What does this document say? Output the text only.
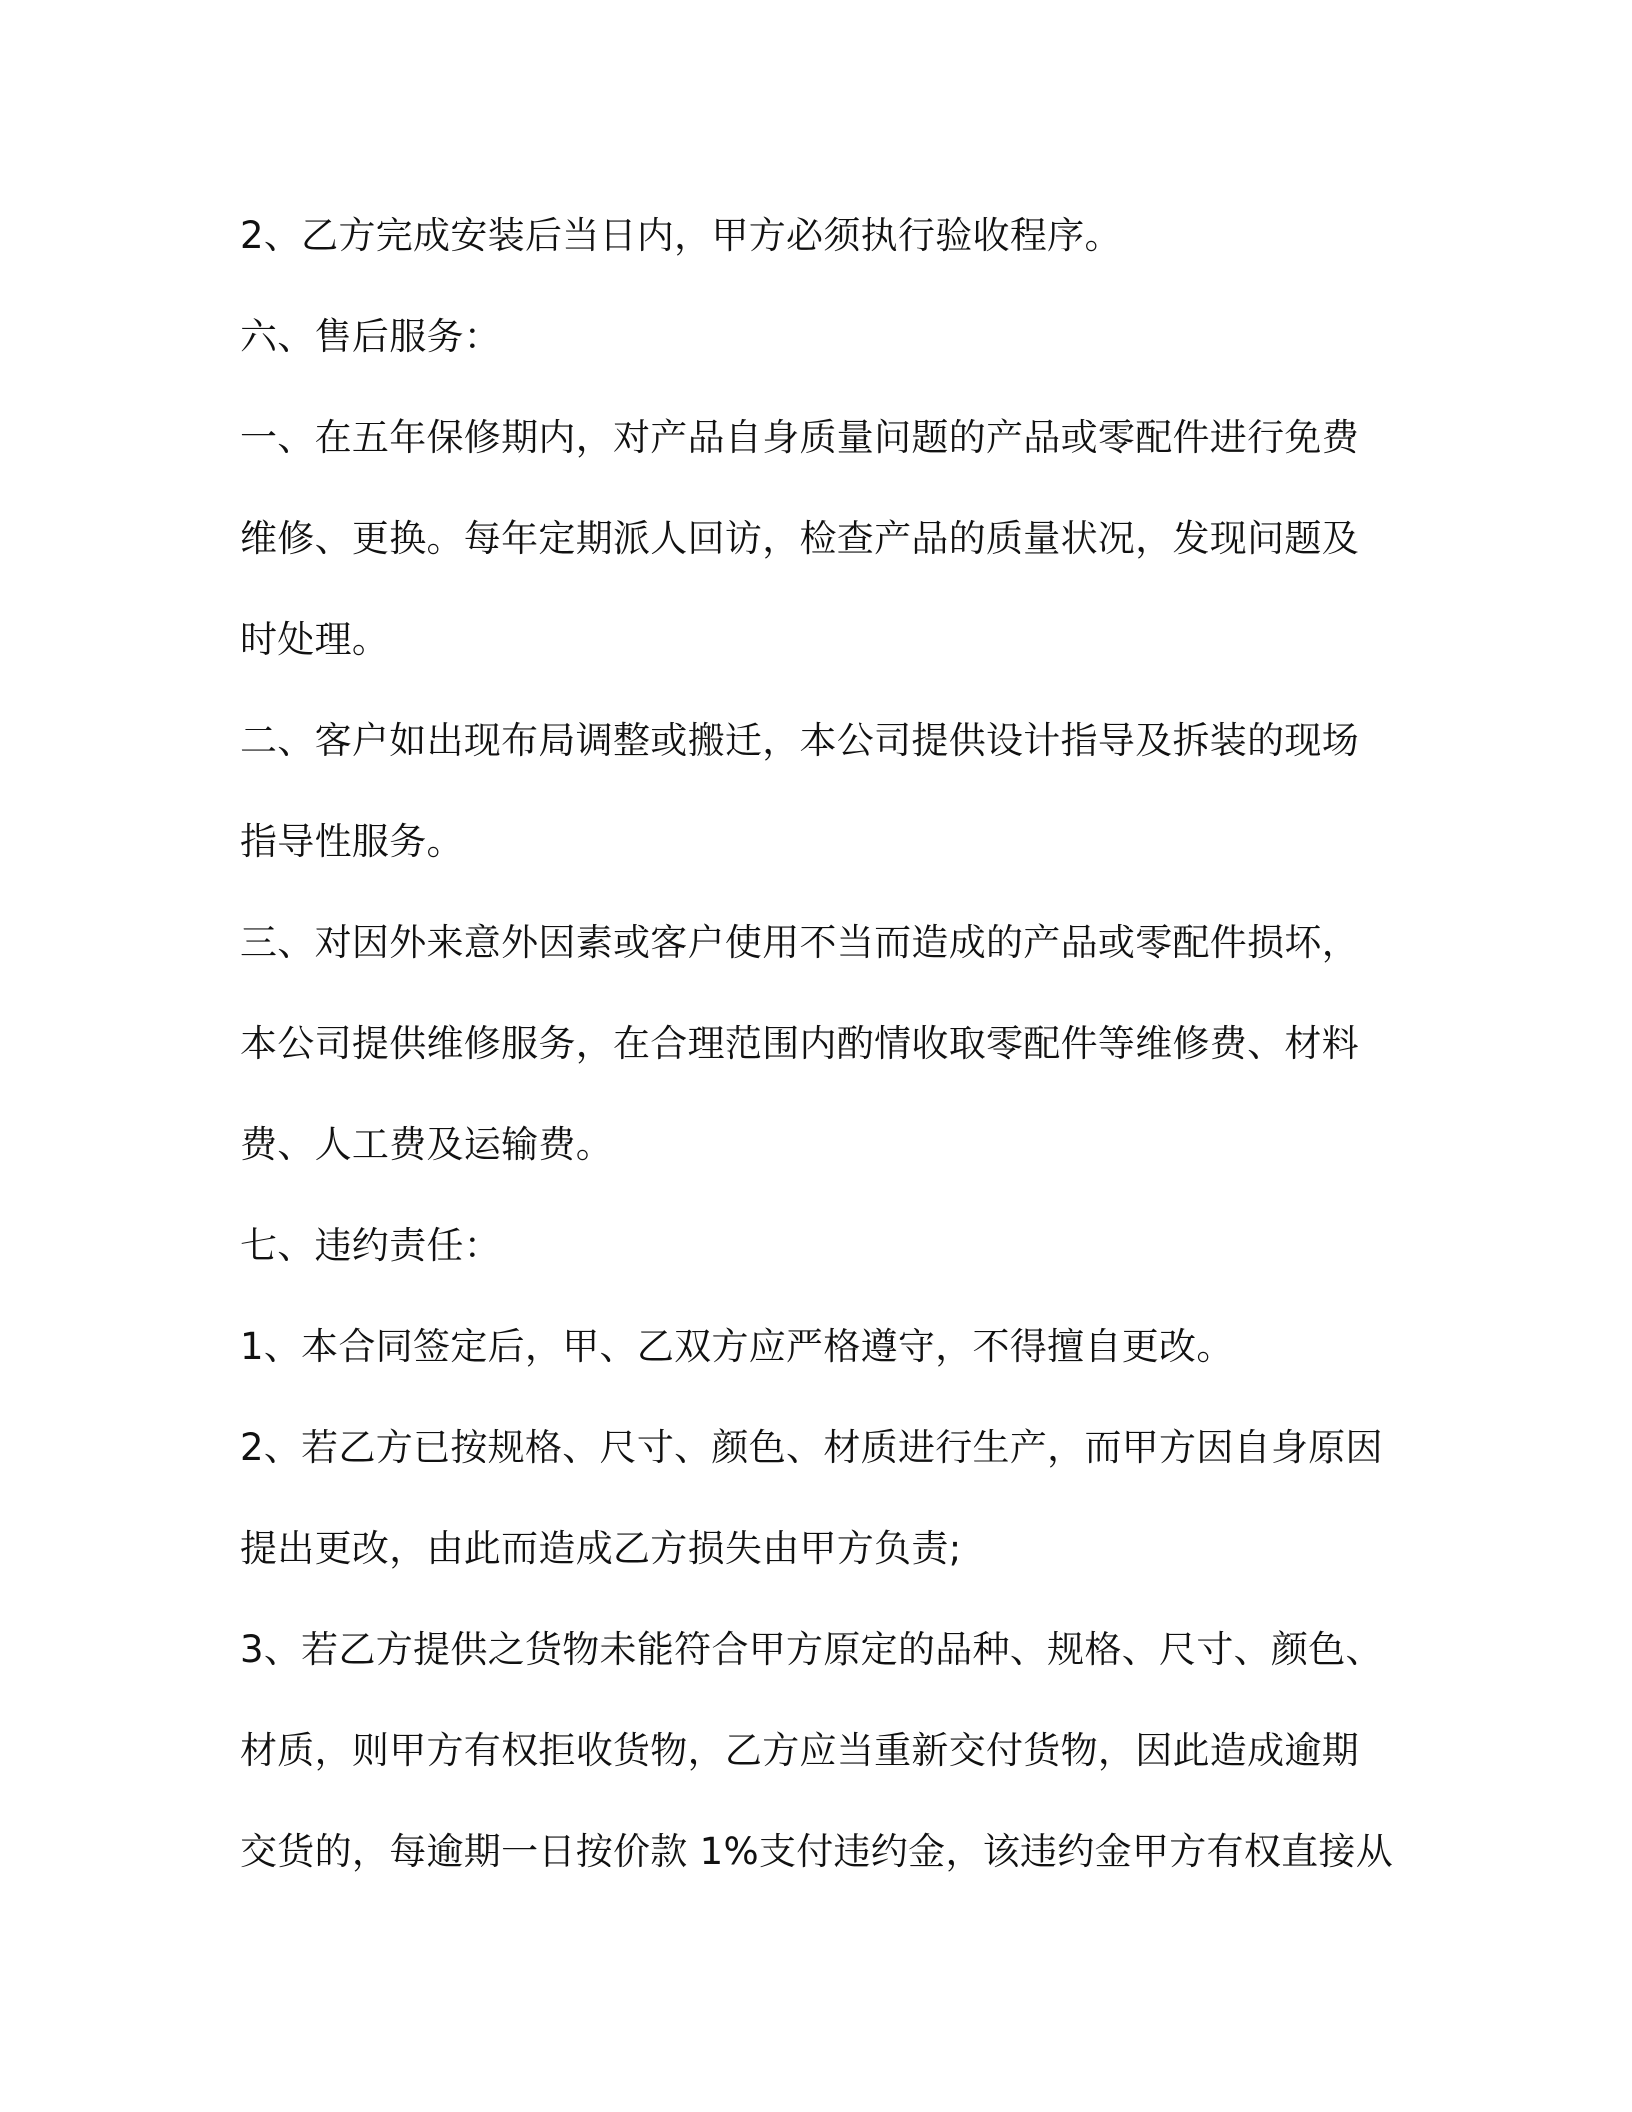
2、乙方完成安装后当日内，甲方必须执行验收程序。

六、售后服务：

一、在五年保修期内，对产品自身质量问题的产品或零配件进行免费

维修、更换。每年定期派人回访，检查产品的质量状况，发现问题及

时处理。

二、客户如出现布局调整或搬迁，本公司提供设计指导及拆装的现场

指导性服务。

三、对因外来意外因素或客户使用不当而造成的产品或零配件损坏，

本公司提供维修服务，在合理范围内酌情收取零配件等维修费、材料

费、人工费及运输费。

七、违约责任：

1、本合同签定后，甲、乙双方应严格遵守，不得擅自更改。

2、若乙方已按规格、尺寸、颜色、材质进行生产，而甲方因自身原因

提出更改，由此而造成乙方损失由甲方负责;

3、若乙方提供之货物未能符合甲方原定的品种、规格、尺寸、颜色、

材质，则甲方有权拒收货物，乙方应当重新交付货物，因此造成逾期

交货的，每逾期一日按价款 1%支付违约金，该违约金甲方有权直接从
